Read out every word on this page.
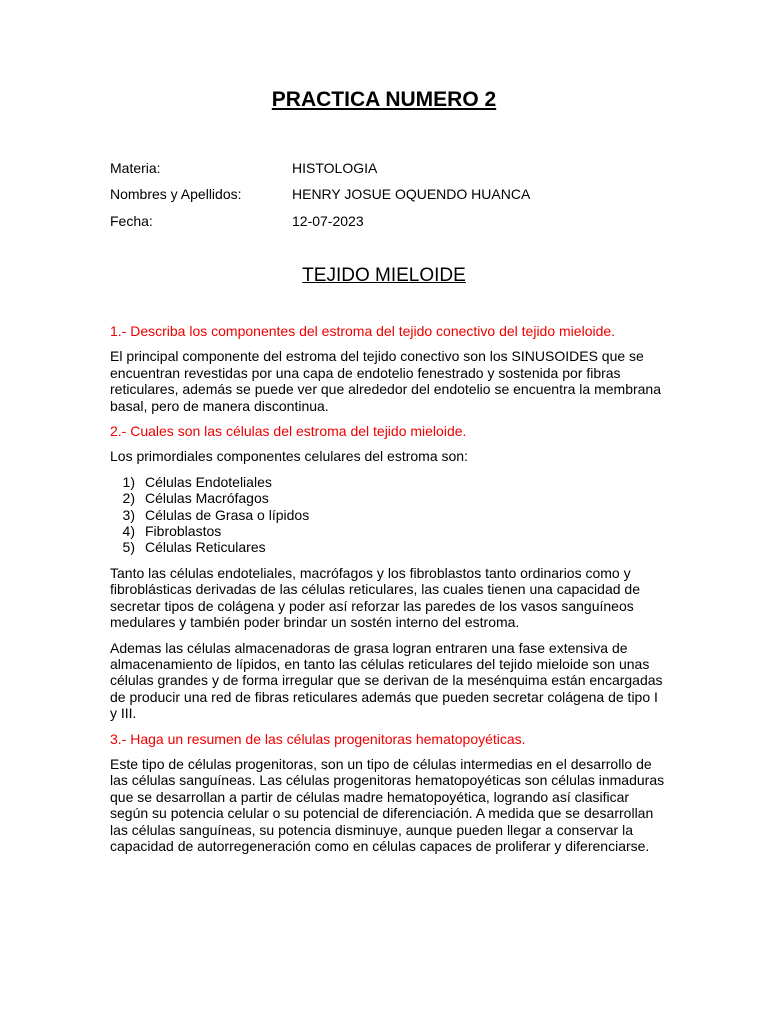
PRACTICA NUMERO 2
Materia:	HISTOLOGIA
Nombres y Apellidos:	HENRY JOSUE OQUENDO HUANCA
Fecha:	12-07-2023
TEJIDO MIELOIDE
1.- Describa los componentes del estroma del tejido conectivo del tejido mieloide.
El principal componente del estroma del tejido conectivo son los SINUSOIDES que se encuentran revestidas por una capa de endotelio fenestrado y sostenida por fibras reticulares, además se puede ver que alrededor del endotelio se encuentra la membrana basal, pero de manera discontinua.
2.- Cuales son las células del estroma del tejido mieloide.
Los primordiales componentes celulares del estroma son:
1) Células Endoteliales
2) Células Macrófagos
3) Células de Grasa o lípidos
4) Fibroblastos
5) Células Reticulares
Tanto las células endoteliales, macrófagos y los fibroblastos tanto ordinarios como y fibroblásticas derivadas de las células reticulares, las cuales tienen una capacidad de secretar tipos de colágena y poder así reforzar las paredes de los vasos sanguíneos medulares y también poder brindar un sostén interno del estroma.
Ademas las células almacenadoras de grasa logran entraren una fase extensiva de almacenamiento de lípidos, en tanto las células reticulares del tejido mieloide son unas células grandes y de forma irregular que se derivan de la mesénquima están encargadas de producir una red de fibras reticulares además que pueden secretar colágena de tipo I y III.
3.- Haga un resumen de las células progenitoras hematopoyéticas.
Este tipo de células progenitoras, son un tipo de células intermedias en el desarrollo de las células sanguíneas. Las células progenitoras hematopoyéticas son células inmaduras que se desarrollan a partir de células madre hematopoyética, logrando así clasificar según su potencia celular o su potencial de diferenciación. A medida que se desarrollan las células sanguíneas, su potencia disminuye, aunque pueden llegar a conservar la capacidad de autorregeneración como en células capaces de proliferar y diferenciarse.
